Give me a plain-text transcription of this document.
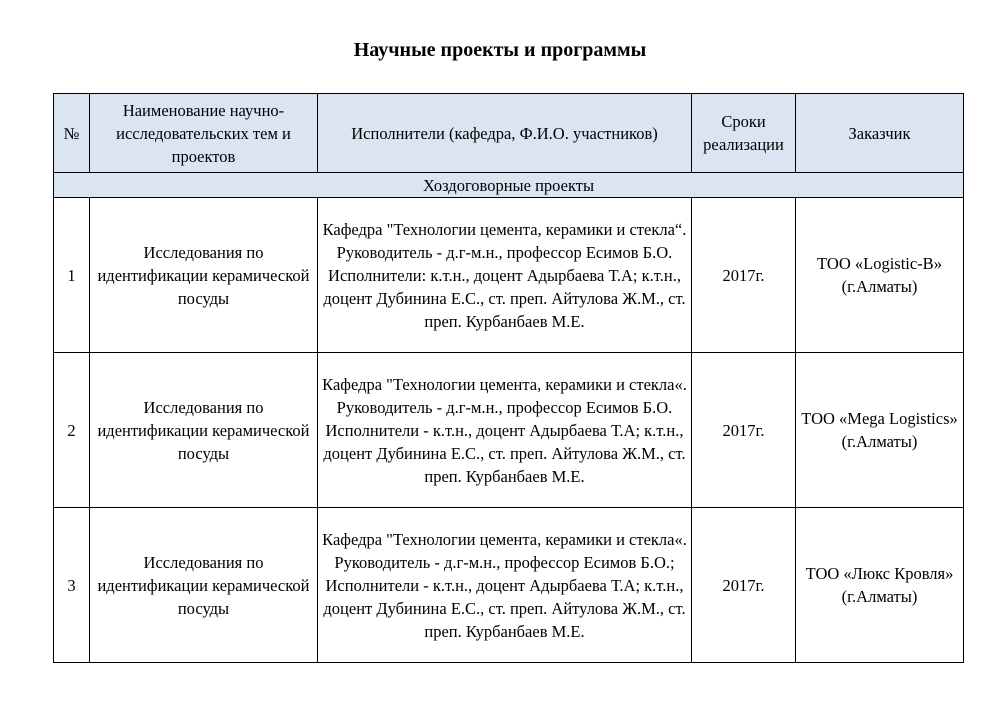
Научные проекты и программы
№	Наименование научно-исследовательских тем и проектов	Исполнители (кафедра, Ф.И.О. участников)	Сроки реализации	Заказчик
Хоздоговорные проекты				
1	Исследования по идентификации керамической посуды	Кафедра "Технологии цемента, керамики и стекла“. Руководитель - д.г-м.н., профессор Есимов Б.О. Исполнители: к.т.н., доцент Адырбаева Т.А; к.т.н., доцент Дубинина Е.С., ст. преп. Айтулова Ж.М., ст. преп. Курбанбаев М.Е.	2017г.	ТОО «Logistic-B» (г.Алматы)
2	Исследования по идентификации керамической посуды	Кафедра "Технологии цемента, керамики и стекла«. Руководитель - д.г-м.н., профессор Есимов Б.О. Исполнители - к.т.н., доцент Адырбаева Т.А; к.т.н., доцент Дубинина Е.С., ст. преп. Айтулова Ж.М., ст. преп. Курбанбаев М.Е.	2017г.	ТОО «Mega Logistics» (г.Алматы)
3	Исследования по идентификации керамической посуды	Кафедра "Технологии цемента, керамики и стекла«. Руководитель - д.г-м.н., профессор Есимов Б.О.; Исполнители - к.т.н., доцент Адырбаева Т.А; к.т.н., доцент Дубинина Е.С., ст. преп. Айтулова Ж.М., ст. преп. Курбанбаев М.Е.	2017г.	ТОО «Люкс Кровля» (г.Алматы)
